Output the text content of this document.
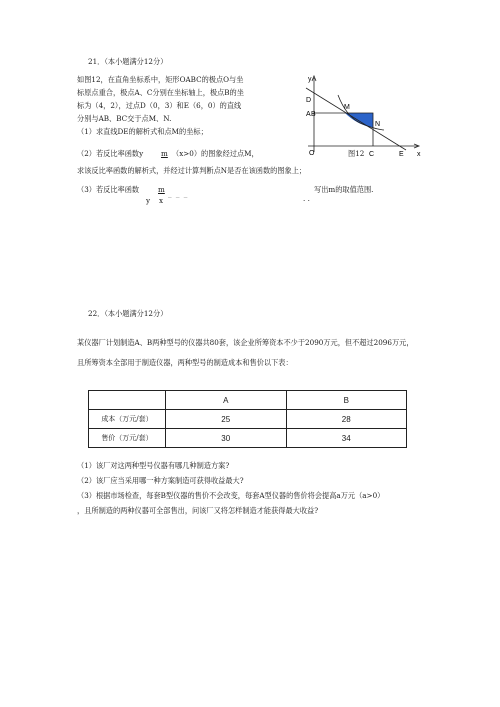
21．（本小题满分12分）
如图12，在直角坐标系中，矩形OABC的极点O与坐
标原点重合，极点A、C分别在坐标轴上，极点B的坐
标为（4，2），过点D（0，3）和E（6，0）的直线
分别与AB、BC交于点M、N.
（1）求直线DE的解析式和点M的坐标；
（2）若反比率函数y m （x>0）的图象经过点M，
求该反比率函数的解析式，并经过计算判断点N是否在该函数的图象上；
（3）若反比率函数	m _ _ _
y x
写出m的取值范围.
· ·
y
D
A B
M
N
O	C	E x
图12
22．（本小题满分12分）
某仪器厂计划制造A、B两种型号的仪器共80套，该企业所筹资本不少于2090万元，但不超过2096万元，
且所筹资本全部用于制造仪器，两种型号的制造成本和售价以下表：
	A	B
成本（万元/套）	25	28
售价（万元/套）	30	34
（1）该厂对这两种型号仪器有哪几种制造方案?
（2）该厂应当采用哪一种方案制造可获得收益最大?
（3）根据市场检查，每套B型仪器的售价不会改变，每套A型仪器的售价将会提高a万元（a>0）
，且所制造的两种仪器可全部售出，问该厂又将怎样制造才能获得最大收益?
